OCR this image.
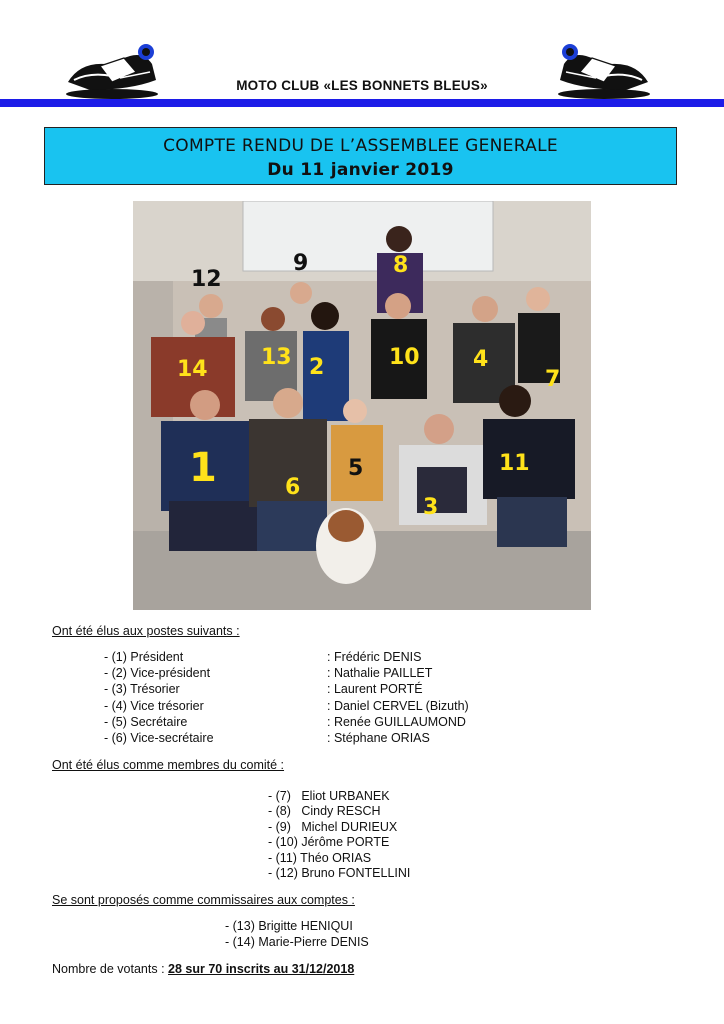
MOTO CLUB «LES BONNETS BLEUS»
COMPTE RENDU DE L’ASSEMBLEE GENERALE
Du 11 janvier 2019
1
2
3
4
5
6
7
8
9
10
11
12
13
14
Ont été élus aux postes suivants :
- (1) Président	: Frédéric DENIS
- (2) Vice-président	: Nathalie PAILLET
- (3) Trésorier	: Laurent PORTÉ
- (4) Vice trésorier	: Daniel CERVEL (Bizuth)
- (5) Secrétaire	: Renée GUILLAUMOND
- (6) Vice-secrétaire	: Stéphane ORIAS
Ont été élus comme membres du comité :
- (7)   Eliot URBANEK
- (8)   Cindy RESCH
- (9)   Michel DURIEUX
- (10) Jérôme PORTE
- (11) Théo ORIAS
- (12) Bruno FONTELLINI
Se sont proposés comme commissaires aux comptes :
- (13) Brigitte HENIQUI
- (14) Marie-Pierre DENIS
Nombre de votants : 28 sur 70 inscrits au 31/12/2018
